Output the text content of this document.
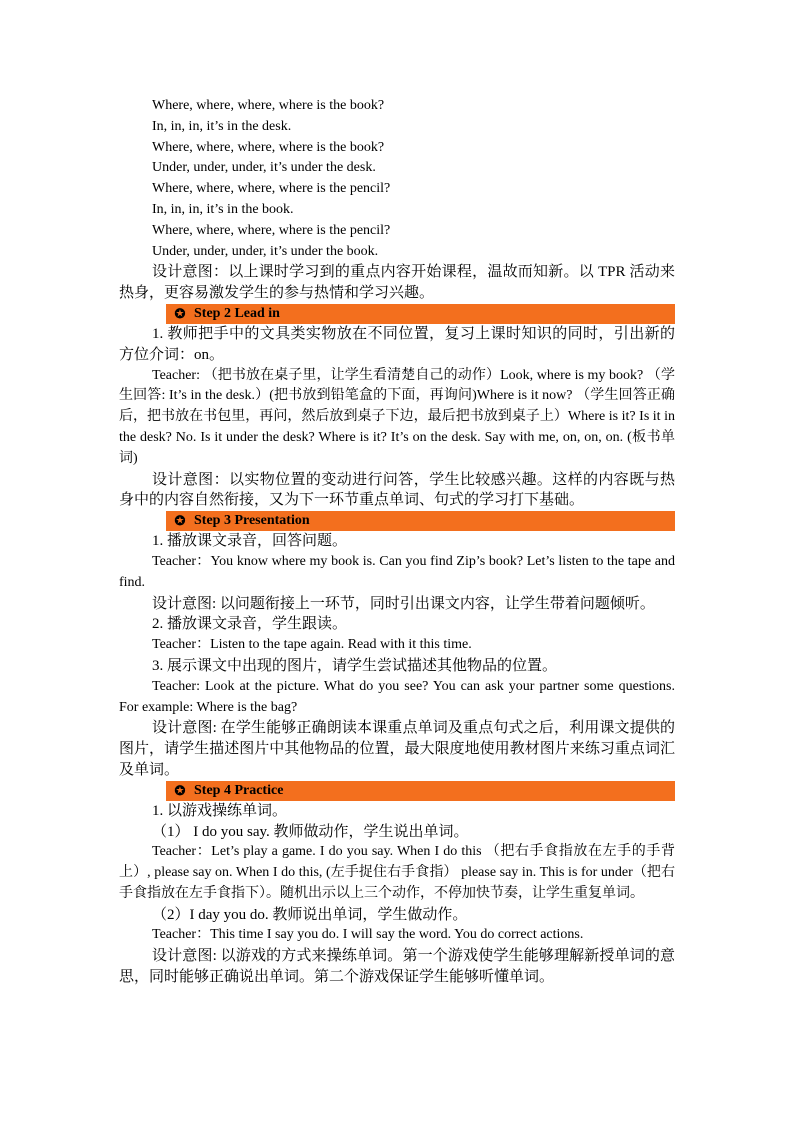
Where, where, where, where is the book?

In, in, in, it’s in the desk.

Where, where, where, where is the book?

Under, under, under, it’s under the desk.

Where, where, where, where is the pencil?

In, in, in, it’s in the book.

Where, where, where, where is the pencil?

Under, under, under, it’s under the book.

设计意图：以上课时学习到的重点内容开始课程，温故而知新。以 TPR 活动来热身，更容易激发学生的参与热情和学习兴趣。

✪ Step 2 Lead in

1. 教师把手中的文具类实物放在不同位置，复习上课时知识的同时，引出新的方位介词：on。

Teacher: （把书放在桌子里，让学生看清楚自己的动作）Look, where is my book? （学生回答: It’s in the desk.）(把书放到铅笔盒的下面，再询问)Where is it now? （学生回答正确后，把书放在书包里，再问，然后放到桌子下边，最后把书放到桌子上）Where is it? Is it in the desk? No. Is it under the desk? Where is it? It’s on the desk. Say with me, on, on, on. (板书单词)

设计意图：以实物位置的变动进行问答，学生比较感兴趣。这样的内容既与热身中的内容自然衔接，又为下一环节重点单词、句式的学习打下基础。

✪ Step 3 Presentation

1. 播放课文录音，回答问题。

Teacher：You know where my book is. Can you find Zip’s book? Let’s listen to the tape and find.

设计意图: 以问题衔接上一环节，同时引出课文内容，让学生带着问题倾听。

2. 播放课文录音，学生跟读。

Teacher：Listen to the tape again. Read with it this time.

3. 展示课文中出现的图片，请学生尝试描述其他物品的位置。

Teacher: Look at the picture. What do you see? You can ask your partner some questions. For example: Where is the bag?

设计意图: 在学生能够正确朗读本课重点单词及重点句式之后，利用课文提供的图片，请学生描述图片中其他物品的位置，最大限度地使用教材图片来练习重点词汇及单词。

✪ Step 4 Practice

1. 以游戏操练单词。

（1） I do you say. 教师做动作，学生说出单词。

Teacher：Let’s play a game. I do you say. When I do this （把右手食指放在左手的手背上）, please say on. When I do this, (左手捉住右手食指） please say in. This is for under（把右手食指放在左手食指下）。随机出示以上三个动作，不停加快节奏，让学生重复单词。

（2）I day you do. 教师说出单词，学生做动作。

Teacher：This time I say you do. I will say the word. You do correct actions.

设计意图: 以游戏的方式来操练单词。第一个游戏使学生能够理解新授单词的意思，同时能够正确说出单词。第二个游戏保证学生能够听懂单词。
